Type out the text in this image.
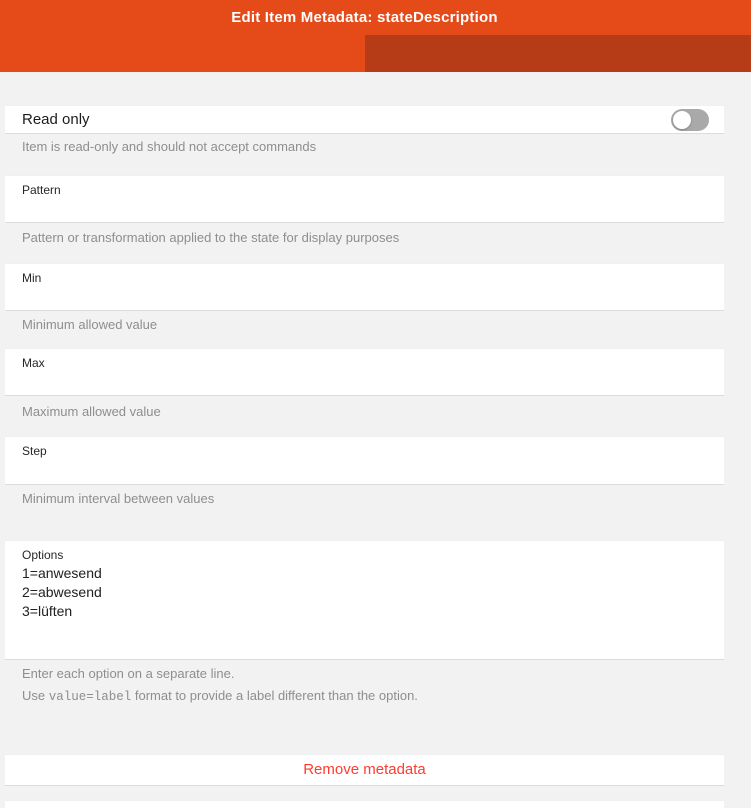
Edit Item Metadata: stateDescription
Read only
Item is read-only and should not accept commands
Pattern
Pattern or transformation applied to the state for display purposes
Min
Minimum allowed value
Max
Maximum allowed value
Step
Minimum interval between values
Options
1=anwesend 2=abwesend 3=lüften
Enter each option on a separate line.
Use value=label format to provide a label different than the option.
Remove metadata
